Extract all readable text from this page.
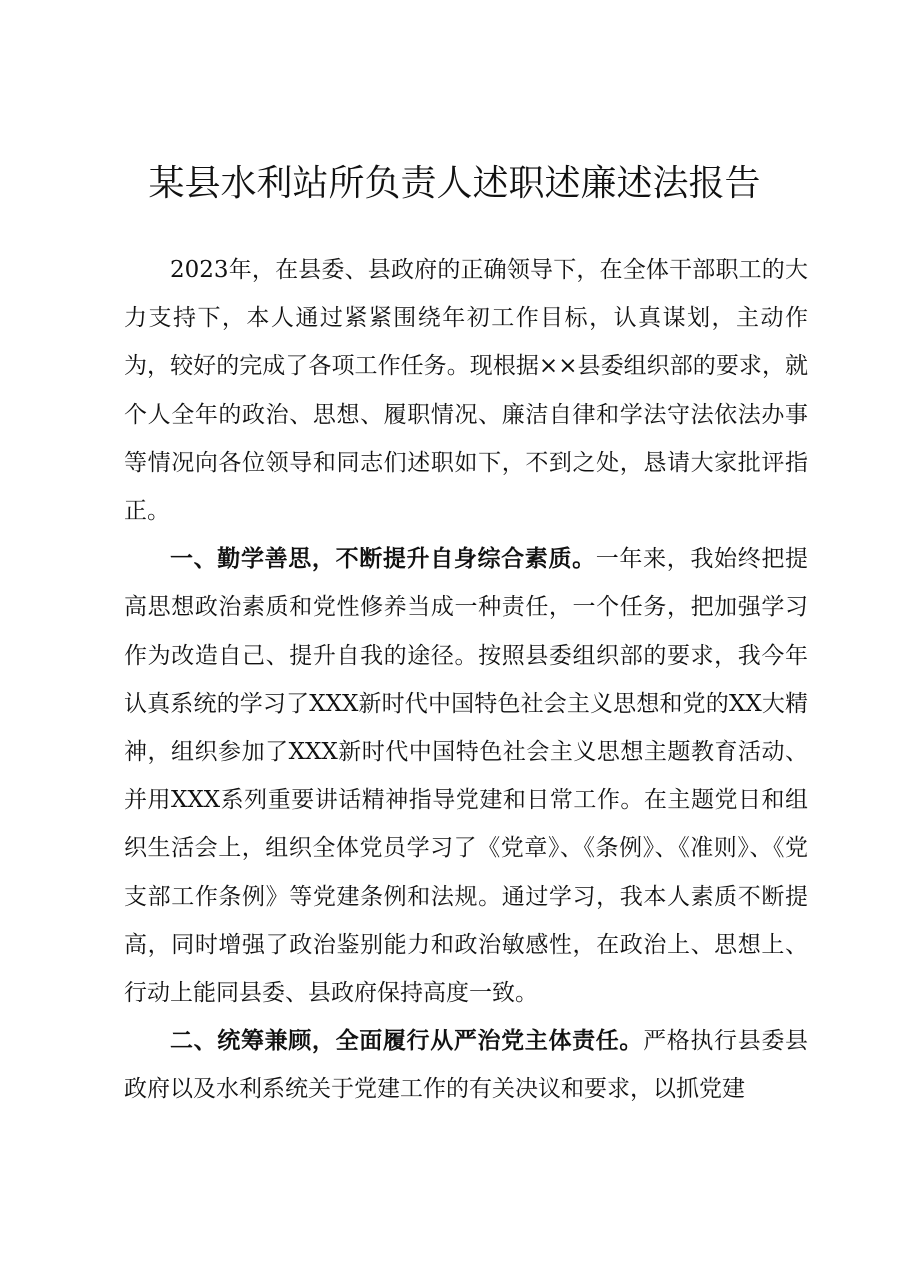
某县水利站所负责人述职述廉述法报告

2023年，在县委、县政府的正确领导下，在全体干部职工的大力支持下，本人通过紧紧围绕年初工作目标，认真谋划，主动作为，较好的完成了各项工作任务。现根据××县委组织部的要求，就个人全年的政治、思想、履职情况、廉洁自律和学法守法依法办事等情况向各位领导和同志们述职如下，不到之处，恳请大家批评指正。

一、勤学善思，不断提升自身综合素质。一年来，我始终把提高思想政治素质和党性修养当成一种责任，一个任务，把加强学习作为改造自己、提升自我的途径。按照县委组织部的要求，我今年认真系统的学习了XXX新时代中国特色社会主义思想和党的XX大精神，组织参加了XXX新时代中国特色社会主义思想主题教育活动、并用XXX系列重要讲话精神指导党建和日常工作。在主题党日和组织生活会上，组织全体党员学习了《党章》、《条例》、《准则》、《党支部工作条例》等党建条例和法规。通过学习，我本人素质不断提高，同时增强了政治鉴别能力和政治敏感性，在政治上、思想上、行动上能同县委、县政府保持高度一致。

二、统筹兼顾，全面履行从严治党主体责任。严格执行县委县政府以及水利系统关于党建工作的有关决议和要求，以抓党建
